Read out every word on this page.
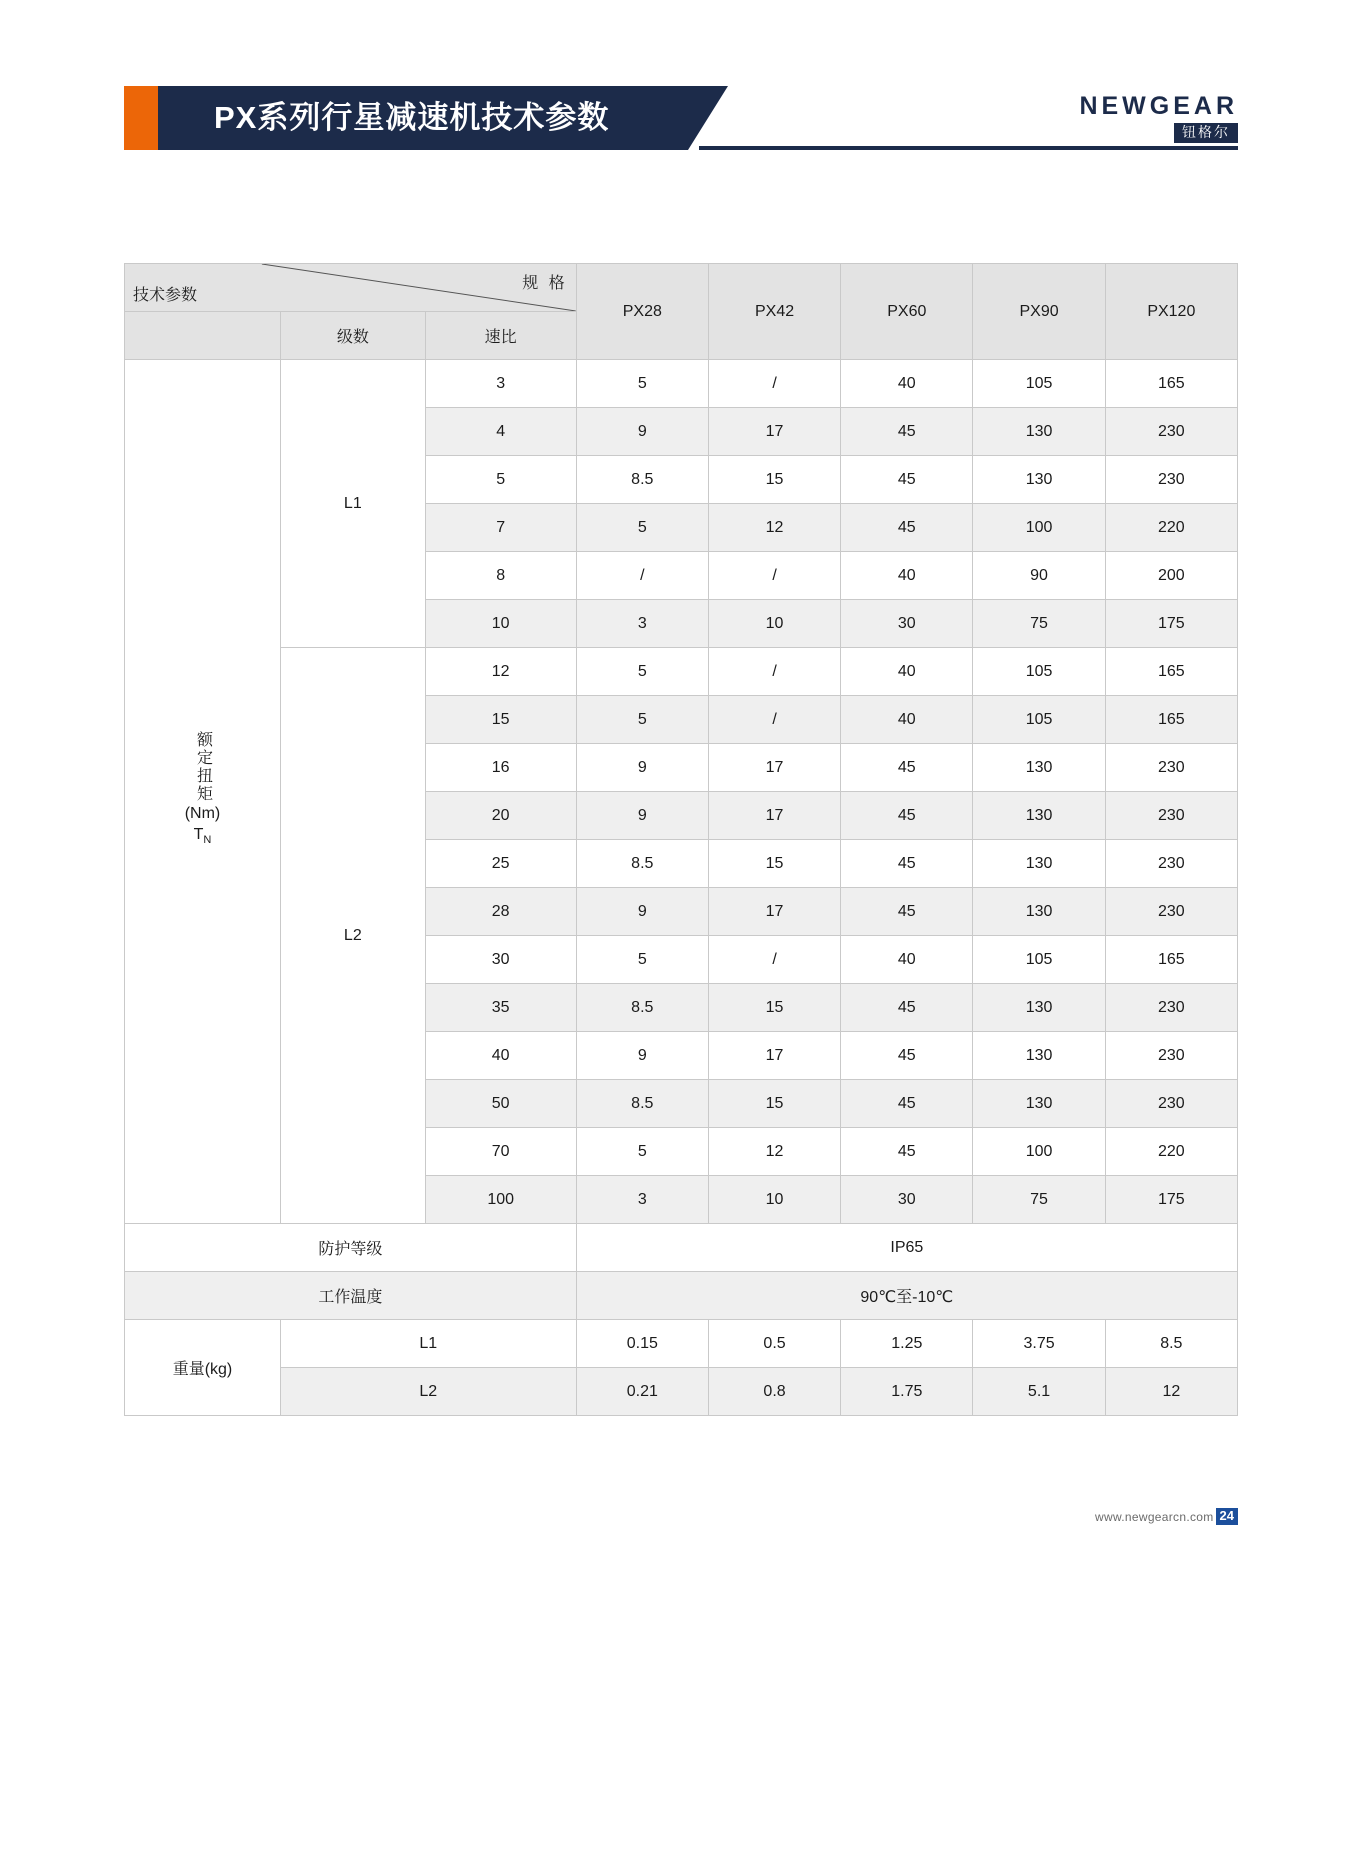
PX系列行星减速机技术参数	NEWGEAR
钮格尔
规 格
技术参数			PX28	PX42	PX60	PX90	PX120
	级数	速比					

额定扭矩
(Nm)
$T_N$	L1	3	5	/	40	105	165
		4	9	17	45	130	230
		5	8.5	15	45	130	230
		7	5	12	45	100	220
		8	/	/	40	90	200
		10	3	10	30	75	175
	L2	12	5	/	40	105	165
		15	5	/	40	105	165
		16	9	17	45	130	230
		20	9	17	45	130	230
		25	8.5	15	45	130	230
		28	9	17	45	130	230
		30	5	/	40	105	165
		35	8.5	15	45	130	230
		40	9	17	45	130	230
		50	8.5	15	45	130	230
		70	5	12	45	100	220
		100	3	10	30	75	175
防护等级			IP65				
工作温度			90℃至-10℃				
重量(kg)	L1		0.15	0.5	1.25	3.75	8.5
	L2		0.21	0.8	1.75	5.1	12
www.newgearcn.com 24
